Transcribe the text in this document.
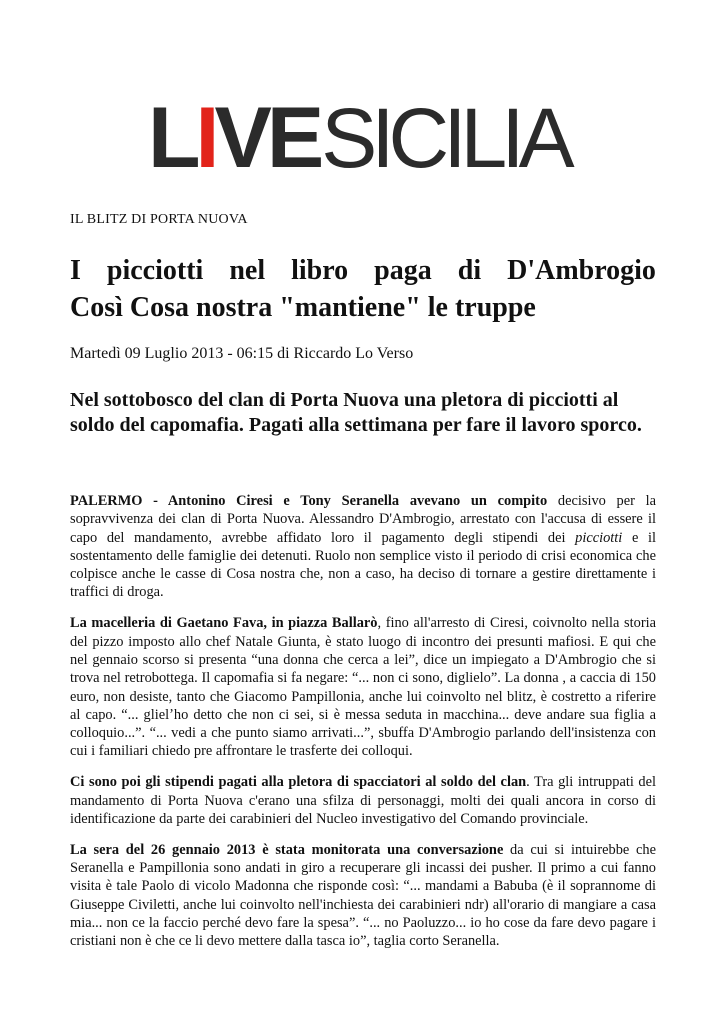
L I VE SICILIA
IL BLITZ DI PORTA NUOVA
I picciotti nel libro paga di D'Ambrogio
Così Cosa nostra "mantiene" le truppe
Martedì 09 Luglio 2013 - 06:15 di Riccardo Lo Verso
Nel sottobosco del clan di Porta Nuova una pletora di picciotti al soldo del capomafia. Pagati alla settimana per fare il lavoro sporco.

PALERMO - Antonino Ciresi e Tony Seranella avevano un compito decisivo per la sopravvivenza dei clan di Porta Nuova. Alessandro D'Ambrogio, arrestato con l'accusa di essere il capo del mandamento, avrebbe affidato loro il pagamento degli stipendi dei picciotti e il sostentamento delle famiglie dei detenuti. Ruolo non semplice visto il periodo di crisi economica che colpisce anche le casse di Cosa nostra che, non a caso, ha deciso di tornare a gestire direttamente i traffici di droga.

La macelleria di Gaetano Fava, in piazza Ballarò, fino all'arresto di Ciresi, coivnolto nella storia del pizzo imposto allo chef Natale Giunta, è stato luogo di incontro dei presunti mafiosi. E qui che nel gennaio scorso si presenta “una donna che cerca a lei”, dice un impiegato a D'Ambrogio che si trova nel retrobottega. Il capomafia si fa negare: “... non ci sono, diglielo”. La donna , a caccia di 150 euro, non desiste, tanto che Giacomo Pampillonia, anche lui coinvolto nel blitz, è costretto a riferire al capo. “... glielʼho detto che non ci sei, si è messa seduta in macchina... deve andare sua figlia a colloquio...”. “... vedi a che punto siamo arrivati...”, sbuffa D'Ambrogio parlando dell'insistenza con cui i familiari chiedo pre affrontare le trasferte dei colloqui.

Ci sono poi gli stipendi pagati alla pletora di spacciatori al soldo del clan. Tra gli intruppati del mandamento di Porta Nuova c'erano una sfilza di personaggi, molti dei quali ancora in corso di identificazione da parte dei carabinieri del Nucleo investigativo del Comando provinciale.

La sera del 26 gennaio 2013 è stata monitorata una conversazione da cui si intuirebbe che Seranella e Pampillonia sono andati in giro a recuperare gli incassi dei pusher. Il primo a cui fanno visita è tale Paolo di vicolo Madonna che risponde così: “... mandami a Babuba (è il soprannome di Giuseppe Civiletti, anche lui coinvolto nell'inchiesta dei carabinieri ndr) all'orario di mangiare a casa mia... non ce la faccio perché devo fare la spesa”. “... no Paoluzzo... io ho cose da fare devo pagare i cristiani non è che ce li devo mettere dalla tasca io”, taglia corto Seranella.
